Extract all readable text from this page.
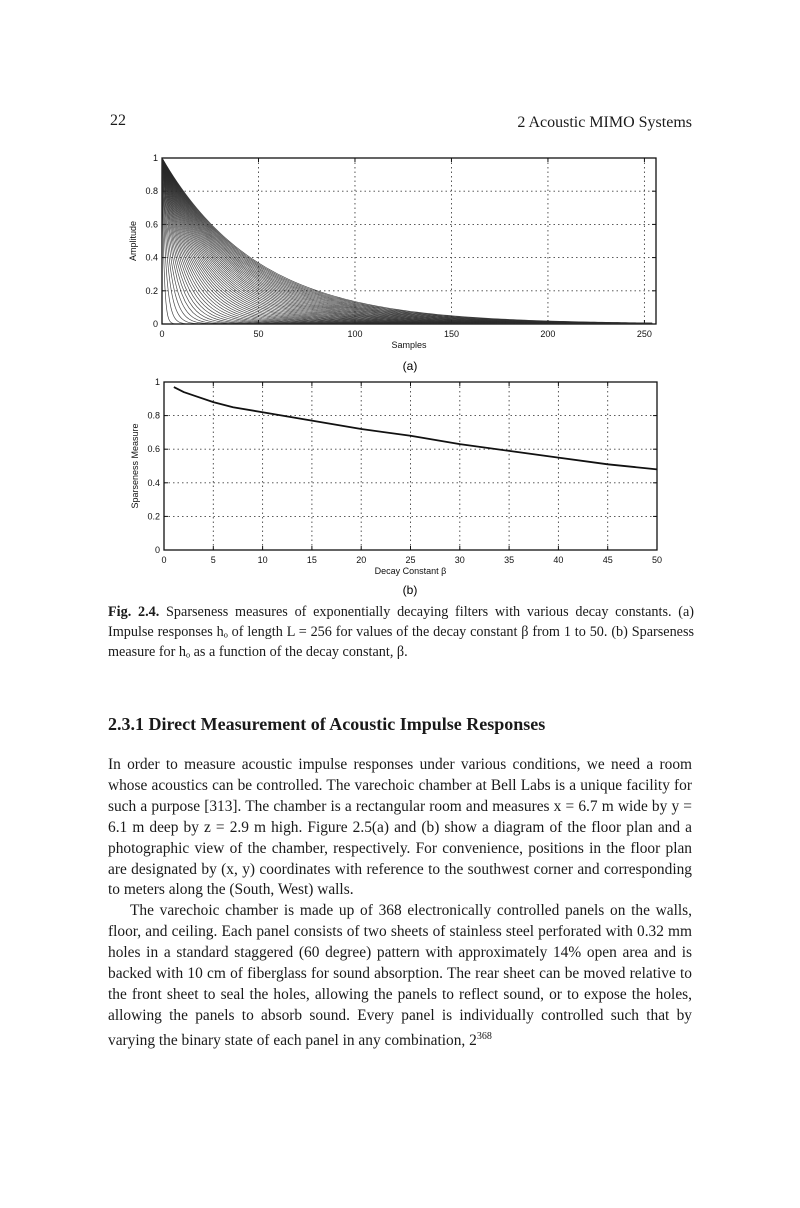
22	2 Acoustic MIMO Systems
0	50	100	150	200	250
0
0.2
0.4
0.6
0.8
1
Samples
Amplitude
0	5	10	15	20	25	30	35	40	45	50
0
0.2
0.4
0.6
0.8
1
Decay Constant β
Sparseness Measure
(a)
(b)
Fig. 2.4. Sparseness measures of exponentially decaying filters with various decay constants. (a) Impulse responses hₒ of length L = 256 for values of the decay constant β from 1 to 50. (b) Sparseness measure for hₒ as a function of the decay constant, β.
2.3.1 Direct Measurement of Acoustic Impulse Responses

In order to measure acoustic impulse responses under various conditions, we need a room whose acoustics can be controlled. The varechoic chamber at Bell Labs is a unique facility for such a purpose [313]. The chamber is a rectangular room and measures x = 6.7 m wide by y = 6.1 m deep by z = 2.9 m high. Figure 2.5(a) and (b) show a diagram of the floor plan and a photographic view of the chamber, respectively. For convenience, positions in the floor plan are designated by (x, y) coordinates with reference to the southwest corner and corresponding to meters along the (South, West) walls.

The varechoic chamber is made up of 368 electronically controlled panels on the walls, floor, and ceiling. Each panel consists of two sheets of stainless steel perforated with 0.32 mm holes in a standard staggered (60 degree) pattern with approximately 14% open area and is backed with 10 cm of fiberglass for sound absorption. The rear sheet can be moved relative to the front sheet to seal the holes, allowing the panels to reflect sound, or to expose the holes, allowing the panels to absorb sound. Every panel is individually controlled such that by varying the binary state of each panel in any combination, $2^{368}$
